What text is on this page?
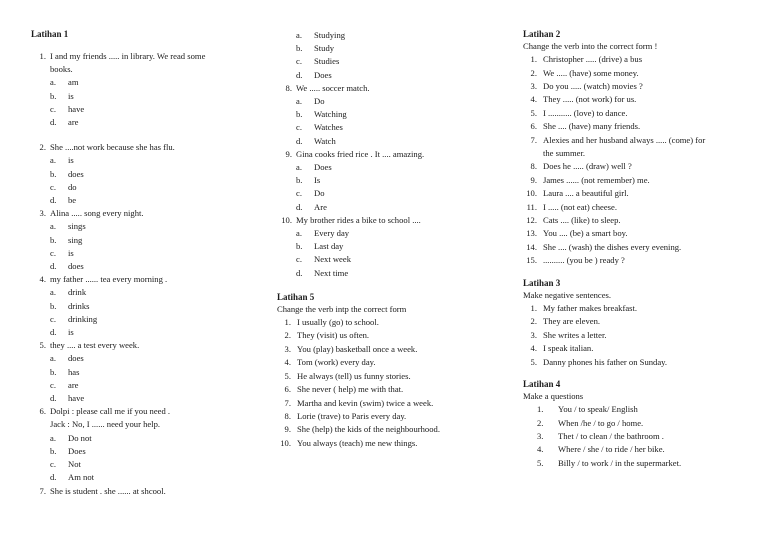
Latihan 1
1. I and my friends ..... in library. We read some
books.
a. am
b. is
c. have
d. are
2. She ....not work because she has flu.
a. is
b. does
c. do
d. be
3. Alina ..... song every night.
a. sings
b. sing
c. is
d. does
4. my father ...... tea every morning .
a. drink
b. drinks
c. drinking
d. is
5. they .... a test every week.
a. does
b. has
c. are
d. have
6. Dolpi : please call me if you need .
Jack : No, I ...... need your help.
a. Do not
b. Does
c. Not
d. Am not
7. She is student . she ...... at shcool.
a. Studying
b. Study
c. Studies
d. Does
8. We ..... soccer match.
a. Do
b. Watching
c. Watches
d. Watch
9. Gina cooks fried rice . It .... amazing.
a. Does
b. Is
c. Do
d. Are
10. My brother rides a bike to school ....
a. Every day
b. Last day
c. Next week
d. Next time
Latihan 5
Change the verb intp the correct form
1. I usually (go) to school.
2. They (visit) us often.
3. You (play) basketball once a week.
4. Tom (work) every day.
5. He always (tell) us funny stories.
6. She never ( help) me with that.
7. Martha and kevin (swim) twice a week.
8. Lorie (trave) to Paris every day.
9. She (help) the kids of the neighbourhood.
10. You always (teach) me new things.
Latihan 2
Change the verb into the correct form !
1. Christopher ..... (drive) a bus
2. We ..... (have) some money.
3. Do you ..... (watch) movies ?
4. They ..... (not work) for us.
5. I ........... (love) to dance.
6. She .... (have) many friends.
7. Alexies and her husband always ..... (come) for
the summer.
8. Does he ..... (draw) well ?
9. James ...... (not remember) me.
10. Laura .... a beautiful girl.
11. I ..... (not eat) cheese.
12. Cats .... (like) to sleep.
13. You .... (be) a smart boy.
14. She .... (wash) the dishes every evening.
15. .......... (you be ) ready ?
Latihan 3
Make negative sentences.
1. My father makes breakfast.
2. They are eleven.
3. She writes a letter.
4. I speak italian.
5. Danny phones his father on Sunday.
Latihan 4
Make a questions
1. You / to speak/ English
2. When /he / to go / home.
3. Thet / to clean / the bathroom .
4. Where / she / to ride / her bike.
5. Billy / to work / in the supermarket.
